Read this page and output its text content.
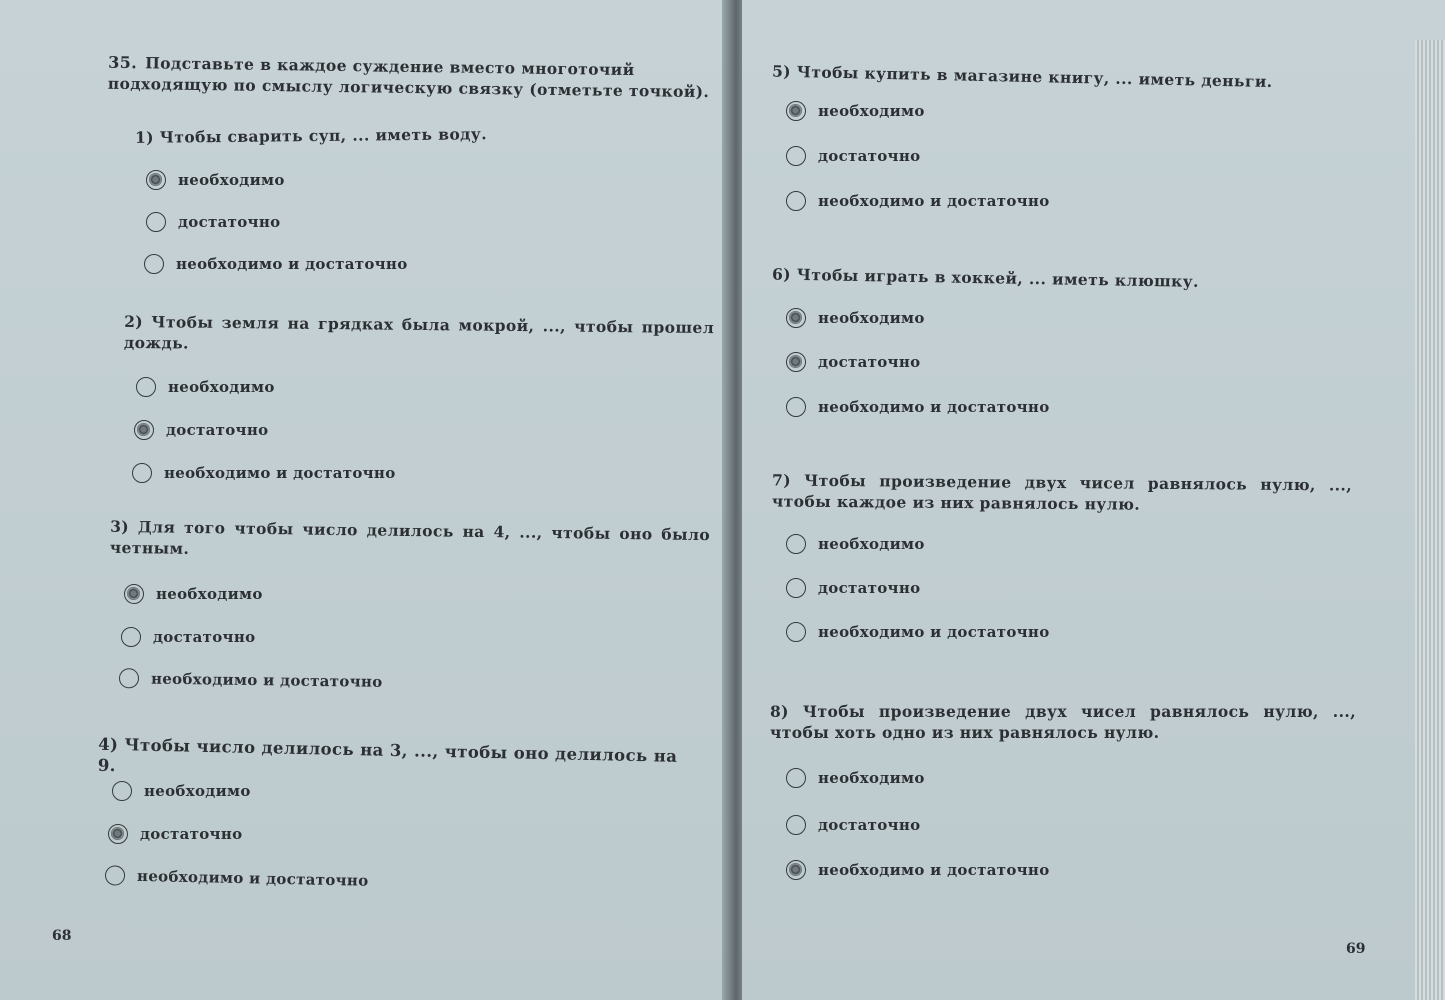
35. Подставьте в каждое суждение вместо многоточий подходящую по смыслу логическую связку (отметьте точкой).
1) Чтобы сварить суп, ... иметь воду.
необходимо
достаточно
необходимо и достаточно
2) Чтобы земля на грядках была мокрой, ..., чтобы прошел дождь.
необходимо
достаточно
необходимо и достаточно
3) Для того чтобы число делилось на 4, ..., чтобы оно было четным.
необходимо
достаточно
необходимо и достаточно
4) Чтобы число делилось на 3, ..., чтобы оно делилось на 9.
необходимо
достаточно
необходимо и достаточно
68
5) Чтобы купить в магазине книгу, ... иметь деньги.
необходимо
достаточно
необходимо и достаточно
6) Чтобы играть в хоккей, ... иметь клюшку.
необходимо
достаточно
необходимо и достаточно
7) Чтобы произведение двух чисел равнялось нулю, ..., чтобы каждое из них равнялось нулю.
необходимо
достаточно
необходимо и достаточно
8) Чтобы произведение двух чисел равнялось нулю, ..., чтобы хоть одно из них равнялось нулю.
необходимо
достаточно
необходимо и достаточно
69
